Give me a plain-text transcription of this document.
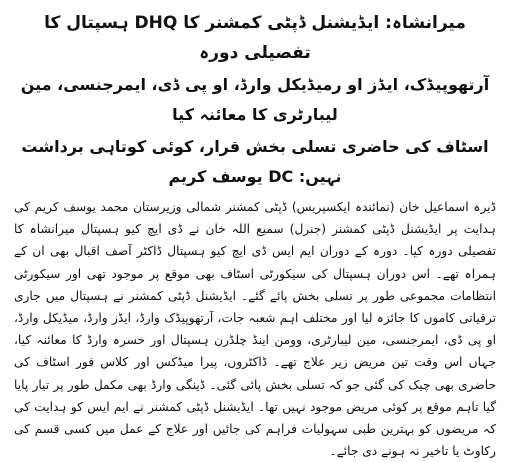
میرانشاہ: ایڈیشنل ڈپٹی کمشنر کا DHQ ہسپتال کا تفصیلی دورہ

آرتھوپیڈک، ایڈز او رمیڈیکل وارڈ، او پی ڈی، ایمرجنسی، مین لیبارٹری کا معائنہ کیا

اسٹاف کی حاضری تسلی بخش قرار، کوئی کوتاہی برداشت نہیں: DC یوسف کریم

ڈیرہ اسماعیل خان (نمائندہ ایکسپریس) ڈپٹی کمشنر شمالی وزیرستان محمد یوسف کریم کی ہدایت پر ایڈیشنل ڈپٹی کمشنر (جنرل) سمیع اللہ خان نے ڈی ایچ کیو ہسپتال میرانشاہ کا تفصیلی دورہ کیا۔ دورہ کے دوران ایم ایس ڈی ایچ کیو ہسپتال ڈاکٹر آصف اقبال بھی ان کے ہمراہ تھے۔ اس دوران ہسپتال کی سیکورٹی اسٹاف بھی موقع پر موجود تھی اور سیکورٹی انتظامات مجموعی طور پر تسلی بخش پائے گئے۔ ایڈیشنل ڈپٹی کمشنر نے ہسپتال میں جاری ترقیاتی کاموں کا جائزہ لیا اور مختلف اہم شعبہ جات، آرتھوپیڈک وارڈ، ایڈز وارڈ، میڈیکل وارڈ، او پی ڈی، ایمرجنسی، مین لیبارٹری، وومن اینڈ چلڈرن ہسپتال اور خسرہ وارڈ کا معائنہ کیا، جہاں اس وقت تین مریض زیر علاج تھے۔ ڈاکٹروں، پیرا میڈکس اور کلاس فور اسٹاف کی حاضری بھی چیک کی گئی جو کہ تسلی بخش پائی گئی۔ ڈینگی وارڈ بھی مکمل طور پر تیار پایا گیا تاہم موقع پر کوئی مریض موجود نہیں تھا۔ ایڈیشنل ڈپٹی کمشنر نے ایم ایس کو ہدایت کی کہ مریضوں کو بہترین طبی سہولیات فراہم کی جائیں اور علاج کے عمل میں کسی قسم کی رکاوٹ یا تاخیر نہ ہونے دی جائے۔
